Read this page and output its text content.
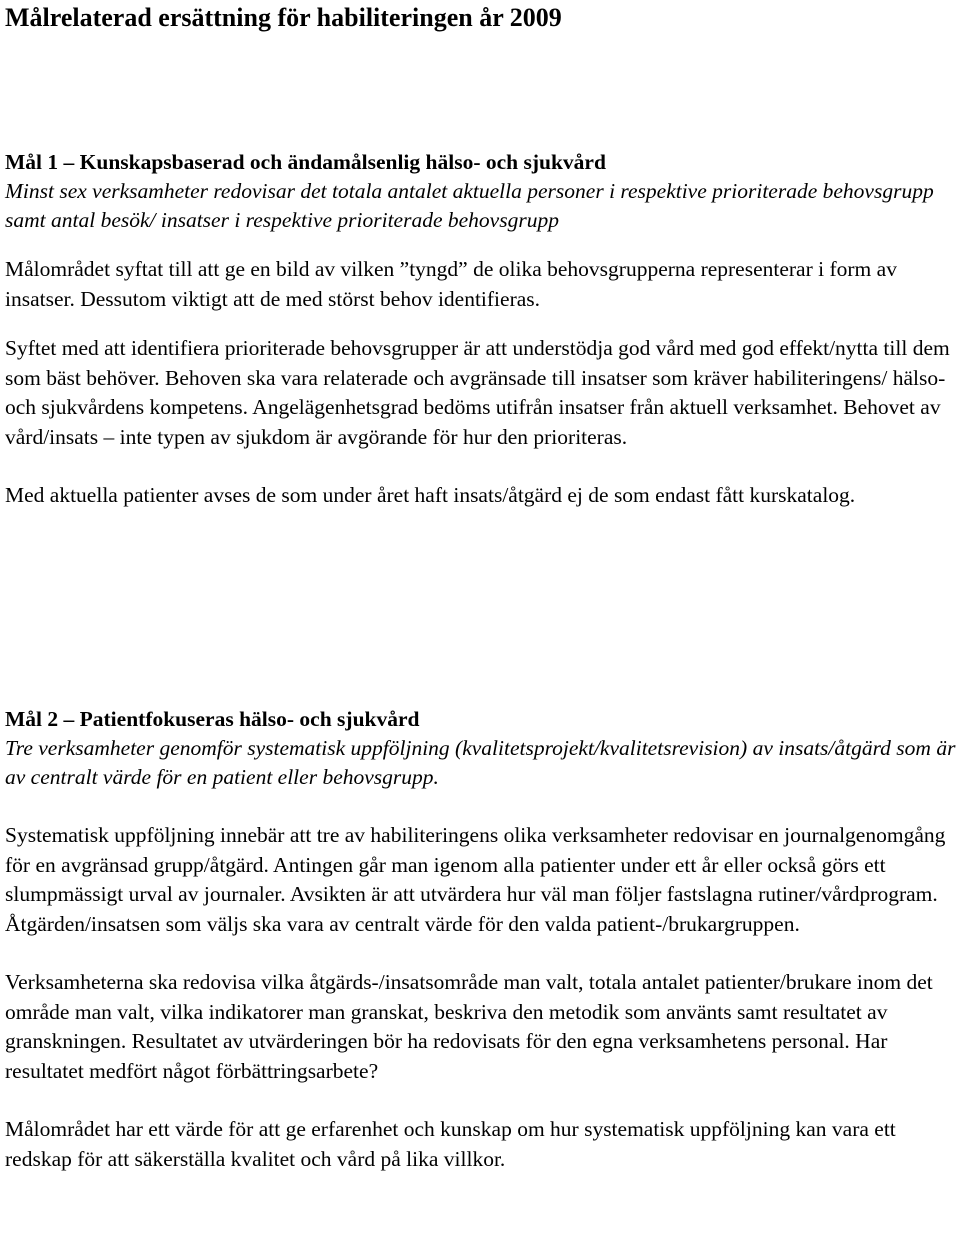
Målrelaterad ersättning för habiliteringen år 2009
Mål 1 – Kunskapsbaserad och ändamålsenlig hälso- och sjukvård

Minst sex verksamheter redovisar det totala antalet aktuella personer i respektive prioriterade behovsgrupp samt antal besök/ insatser i respektive prioriterade behovsgrupp

Målområdet syftat till att ge en bild av vilken ”tyngd” de olika behovsgrupperna representerar i form av insatser. Dessutom viktigt att de med störst behov identifieras.

Syftet med att identifiera prioriterade behovsgrupper är att understödja god vård med god effekt/nytta till dem som bäst behöver. Behoven ska vara relaterade och avgränsade till insatser som kräver habiliteringens/ hälso- och sjukvårdens kompetens. Angelägenhetsgrad bedöms utifrån insatser från aktuell verksamhet. Behovet av vård/insats – inte typen av sjukdom är avgörande för hur den prioriteras.

Med aktuella patienter avses de som under året haft insats/åtgärd ej de som endast fått kurskatalog.

Mål 2 – Patientfokuseras hälso- och sjukvård

Tre verksamheter genomför systematisk uppföljning (kvalitetsprojekt/kvalitetsrevision) av insats/åtgärd som är av centralt värde för en patient eller behovsgrupp.

Systematisk uppföljning innebär att tre av habiliteringens olika verksamheter redovisar en journalgenomgång för en avgränsad grupp/åtgärd. Antingen går man igenom alla patienter under ett år eller också görs ett slumpmässigt urval av journaler. Avsikten är att utvärdera hur väl man följer fastslagna rutiner/vårdprogram. Åtgärden/insatsen som väljs ska vara av centralt värde för den valda patient-/brukargruppen.

Verksamheterna ska redovisa vilka åtgärds-/insatsområde man valt, totala antalet patienter/brukare inom det område man valt, vilka indikatorer man granskat, beskriva den metodik som använts samt resultatet av granskningen. Resultatet av utvärderingen bör ha redovisats för den egna verksamhetens personal. Har resultatet medfört något förbättringsarbete?

Målområdet har ett värde för att ge erfarenhet och kunskap om hur systematisk uppföljning kan vara ett redskap för att säkerställa kvalitet och vård på lika villkor.
